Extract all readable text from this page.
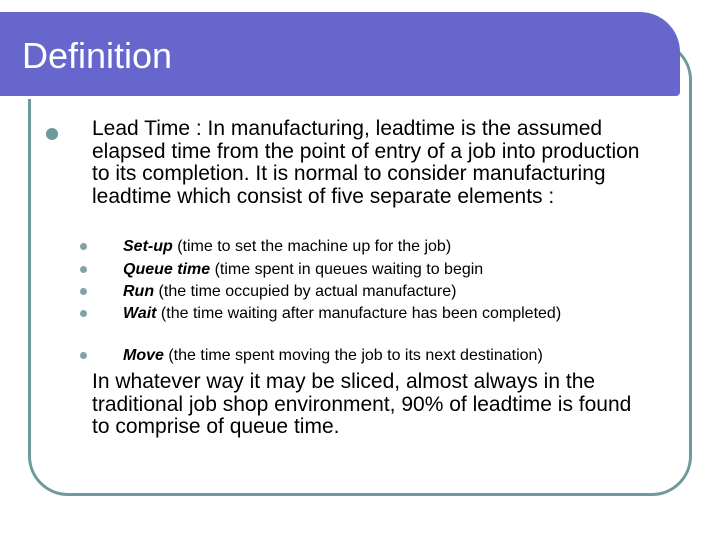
Definition

Lead Time : In manufacturing, leadtime is the assumed elapsed time from the point of entry of a job into production to its completion. It is normal to consider manufacturing leadtime which consist of five separate elements :

Set-up (time to set the machine up for the job)
Queue time (time spent in queues waiting to begin
Run (the time occupied by actual manufacture)
Wait (the time waiting after manufacture has been completed)
Move (the time spent moving the job to its next destination)

In whatever way it may be sliced, almost always in the traditional job shop environment, 90% of leadtime is found to comprise of queue time.
